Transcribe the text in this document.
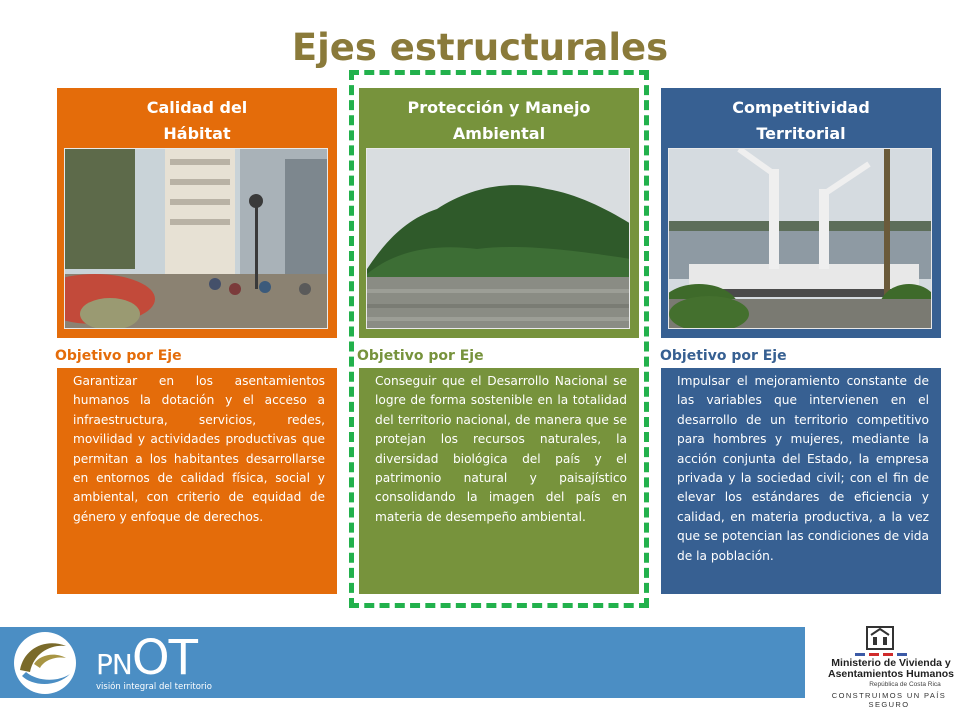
Ejes estructurales
Calidad del Hábitat
Protección y Manejo Ambiental
Competitividad Territorial
Objetivo por Eje	Objetivo por Eje	Objetivo por Eje

Garantizar en los asentamientos humanos la dotación y el acceso a infraestructura, servicios, redes, movilidad y actividades productivas que permitan a los habitantes desarrollarse en entornos de calidad física, social y ambiental, con criterio de equidad de género y enfoque de derechos.

Conseguir que el Desarrollo Nacional se logre de forma sostenible en la totalidad del territorio nacional, de manera que se protejan los recursos naturales, la diversidad biológica del país y el patrimonio natural y paisajístico consolidando la imagen del país en materia de desempeño ambiental.

Impulsar el mejoramiento constante de las variables que intervienen en el desarrollo de un territorio competitivo para hombres y mujeres, mediante la acción conjunta del Estado, la empresa privada y la sociedad civil; con el fin de elevar los estándares de eficiencia y calidad, en materia productiva, a la vez que se potencian las condiciones de vida de la población.

PNOT
visión integral del territorio
Ministerio de Vivienda y Asentamientos Humanos
República de Costa Rica
CONSTRUIMOS UN PAÍS SEGURO
